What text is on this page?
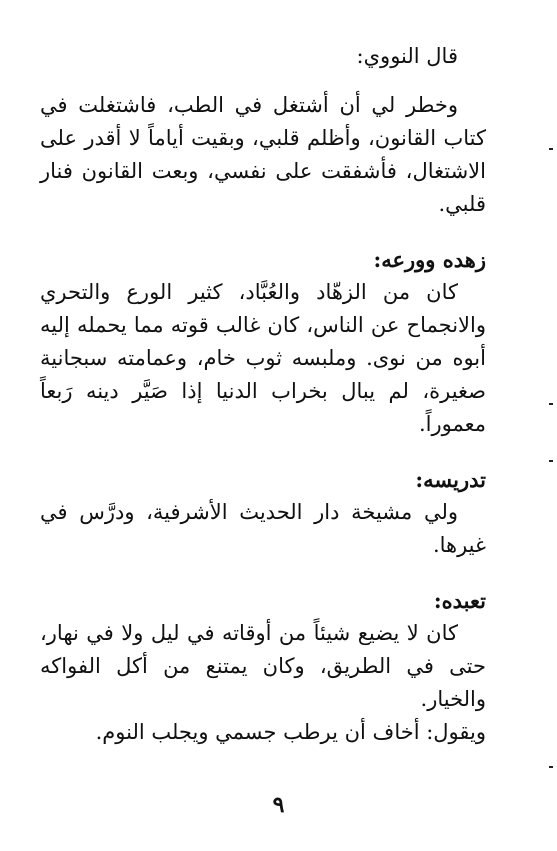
قال النووي:

وخطر لي أن أشتغل في الطب، فاشتغلت في كتاب القانون، وأظلم قلبي، وبقيت أياماً لا أقدر على الاشتغال، فأشفقت على نفسي، وبعت القانون فنار قلبي.

زهده وورعه:

كان من الزهّاد والعُبَّاد، كثير الورع والتحري والانجماح عن الناس، كان غالب قوته مما يحمله إليه أبوه من نوى. وملبسه ثوب خام، وعمامته سبجانية صغيرة، لم يبال بخراب الدنيا إذا صَيَّر دينه رَبعاً معموراً.

تدريسه:

ولي مشيخة دار الحديث الأشرفية، ودرَّس في غيرها.

تعبده:

كان لا يضيع شيئاً من أوقاته في ليل ولا في نهار، حتى في الطريق، وكان يمتنع من أكل الفواكه والخيار.

ويقول: أخاف أن يرطب جسمي ويجلب النوم.

٩
